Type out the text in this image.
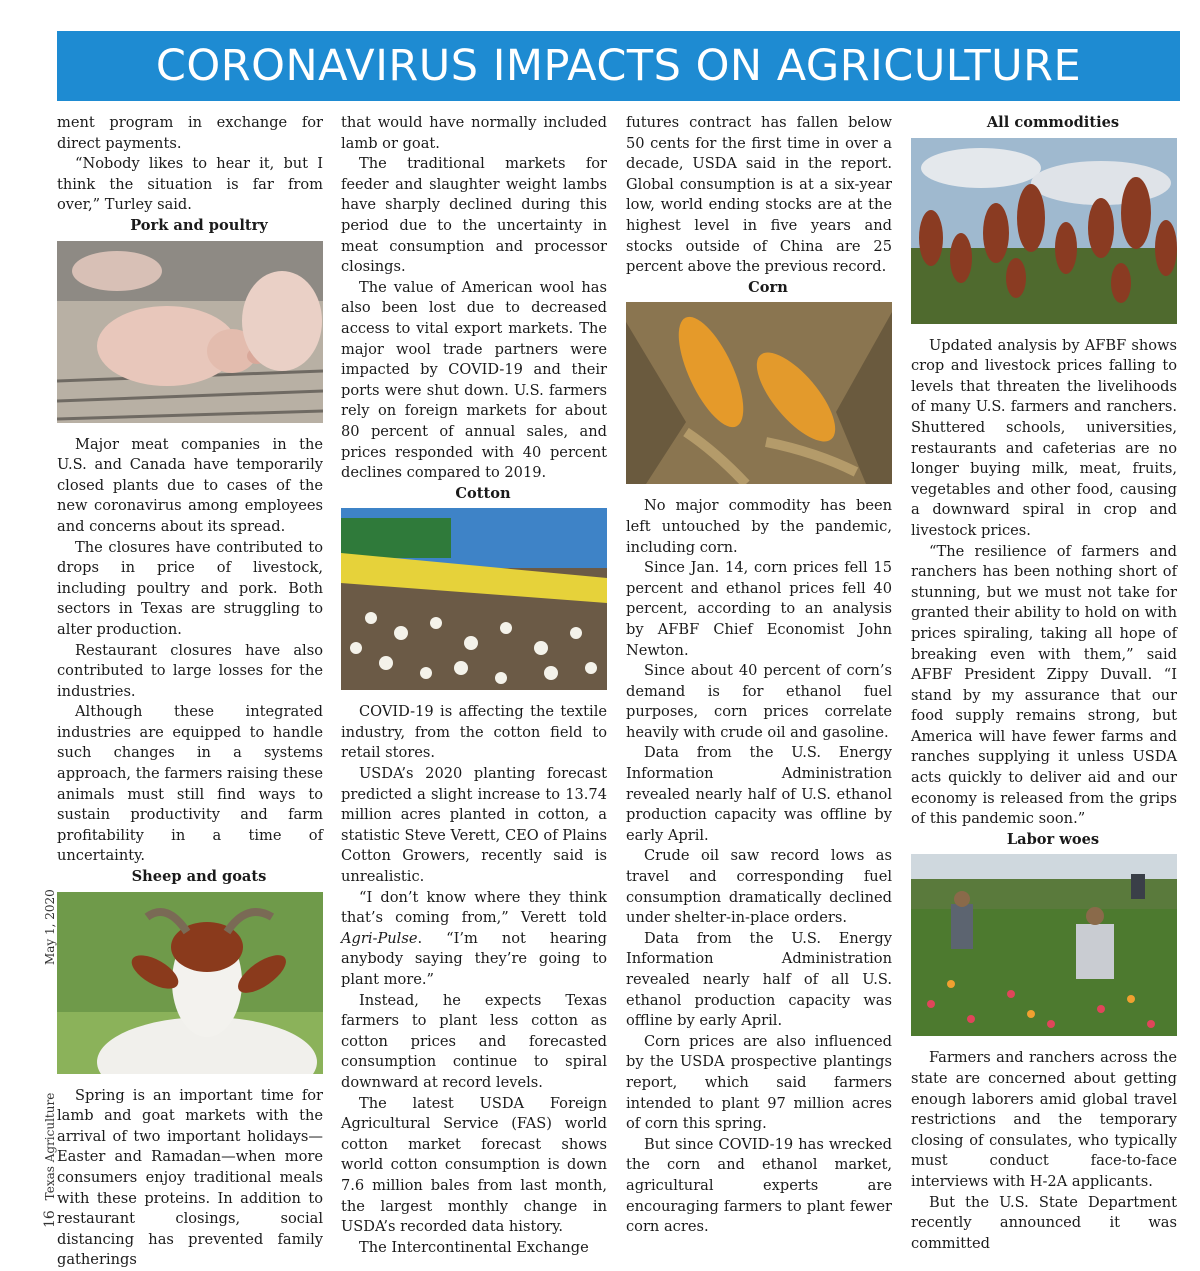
CORONAVIRUS IMPACTS ON AGRICULTURE
16 Texas Agriculture  May 1, 2020

ment program in exchange for direct payments.

“Nobody likes to hear it, but I think the situation is far from over,” Turley said.

Pork and poultry

Major meat companies in the U.S. and Canada have temporarily closed plants due to cases of the new coronavirus among employees and concerns about its spread.

The closures have contributed to drops in price of livestock, including poultry and pork. Both sectors in Texas are struggling to alter production.

Restaurant closures have also contributed to large losses for the industries.

Although these integrated industries are equipped to handle such changes in a systems approach, the farmers raising these animals must still find ways to sustain productivity and farm profitability in a time of uncertainty.

Sheep and goats

Spring is an important time for lamb and goat markets with the arrival of two important holidays—Easter and Ramadan—when more consumers enjoy traditional meals with these proteins. In addition to restaurant closings, social distancing has prevented family gatherings

that would have normally included lamb or goat.

The traditional markets for feeder and slaughter weight lambs have sharply declined during this period due to the uncertainty in meat consumption and processor closings.

The value of American wool has also been lost due to decreased access to vital export markets. The major wool trade partners were impacted by COVID-19 and their ports were shut down. U.S. farmers rely on foreign markets for about 80 percent of annual sales, and prices responded with 40 percent declines compared to 2019.

Cotton

COVID-19 is affecting the textile industry, from the cotton field to retail stores.

USDA’s 2020 planting forecast predicted a slight increase to 13.74 million acres planted in cotton, a statistic Steve Verett, CEO of Plains Cotton Growers, recently said is unrealistic.

“I don’t know where they think that’s coming from,” Verett told Agri-Pulse. “I’m not hearing anybody saying they’re going to plant more.”

Instead, he expects Texas farmers to plant less cotton as cotton prices and forecasted consumption continue to spiral downward at record levels.

The latest USDA Foreign Agricultural Service (FAS) world cotton market forecast shows world cotton consumption is down 7.6 million bales from last month, the largest monthly change in USDA’s recorded data history.

The Intercontinental Exchange

futures contract has fallen below 50 cents for the first time in over a decade, USDA said in the report. Global consumption is at a six-year low, world ending stocks are at the highest level in five years and stocks outside of China are 25 percent above the previous record.

Corn

No major commodity has been left untouched by the pandemic, including corn.

Since Jan. 14, corn prices fell 15 percent and ethanol prices fell 40 percent, according to an analysis by AFBF Chief Economist John Newton.

Since about 40 percent of corn’s demand is for ethanol fuel purposes, corn prices correlate heavily with crude oil and gasoline.

Data from the U.S. Energy Information Administration revealed nearly half of U.S. ethanol production capacity was offline by early April.

Crude oil saw record lows as travel and corresponding fuel consumption dramatically declined under shelter-in-place orders.

Data from the U.S. Energy Information Administration revealed nearly half of all U.S. ethanol production capacity was offline by early April.

Corn prices are also influenced by the USDA prospective plantings report, which said farmers intended to plant 97 million acres of corn this spring.

But since COVID-19 has wrecked the corn and ethanol market, agricultural experts are encouraging farmers to plant fewer corn acres.

All commodities

Updated analysis by AFBF shows crop and livestock prices falling to levels that threaten the livelihoods of many U.S. farmers and ranchers. Shuttered schools, universities, restaurants and cafeterias are no longer buying milk, meat, fruits, vegetables and other food, causing a downward spiral in crop and livestock prices.

“The resilience of farmers and ranchers has been nothing short of stunning, but we must not take for granted their ability to hold on with prices spiraling, taking all hope of breaking even with them,” said AFBF President Zippy Duvall. “I stand by my assurance that our food supply remains strong, but America will have fewer farms and ranches supplying it unless USDA acts quickly to deliver aid and our economy is released from the grips of this pandemic soon.”

Labor woes

Farmers and ranchers across the state are concerned about getting enough laborers amid global travel restrictions and the temporary closing of consulates, who typically must conduct face-to-face interviews with H-2A applicants.

But the U.S. State Department recently announced it was committed
